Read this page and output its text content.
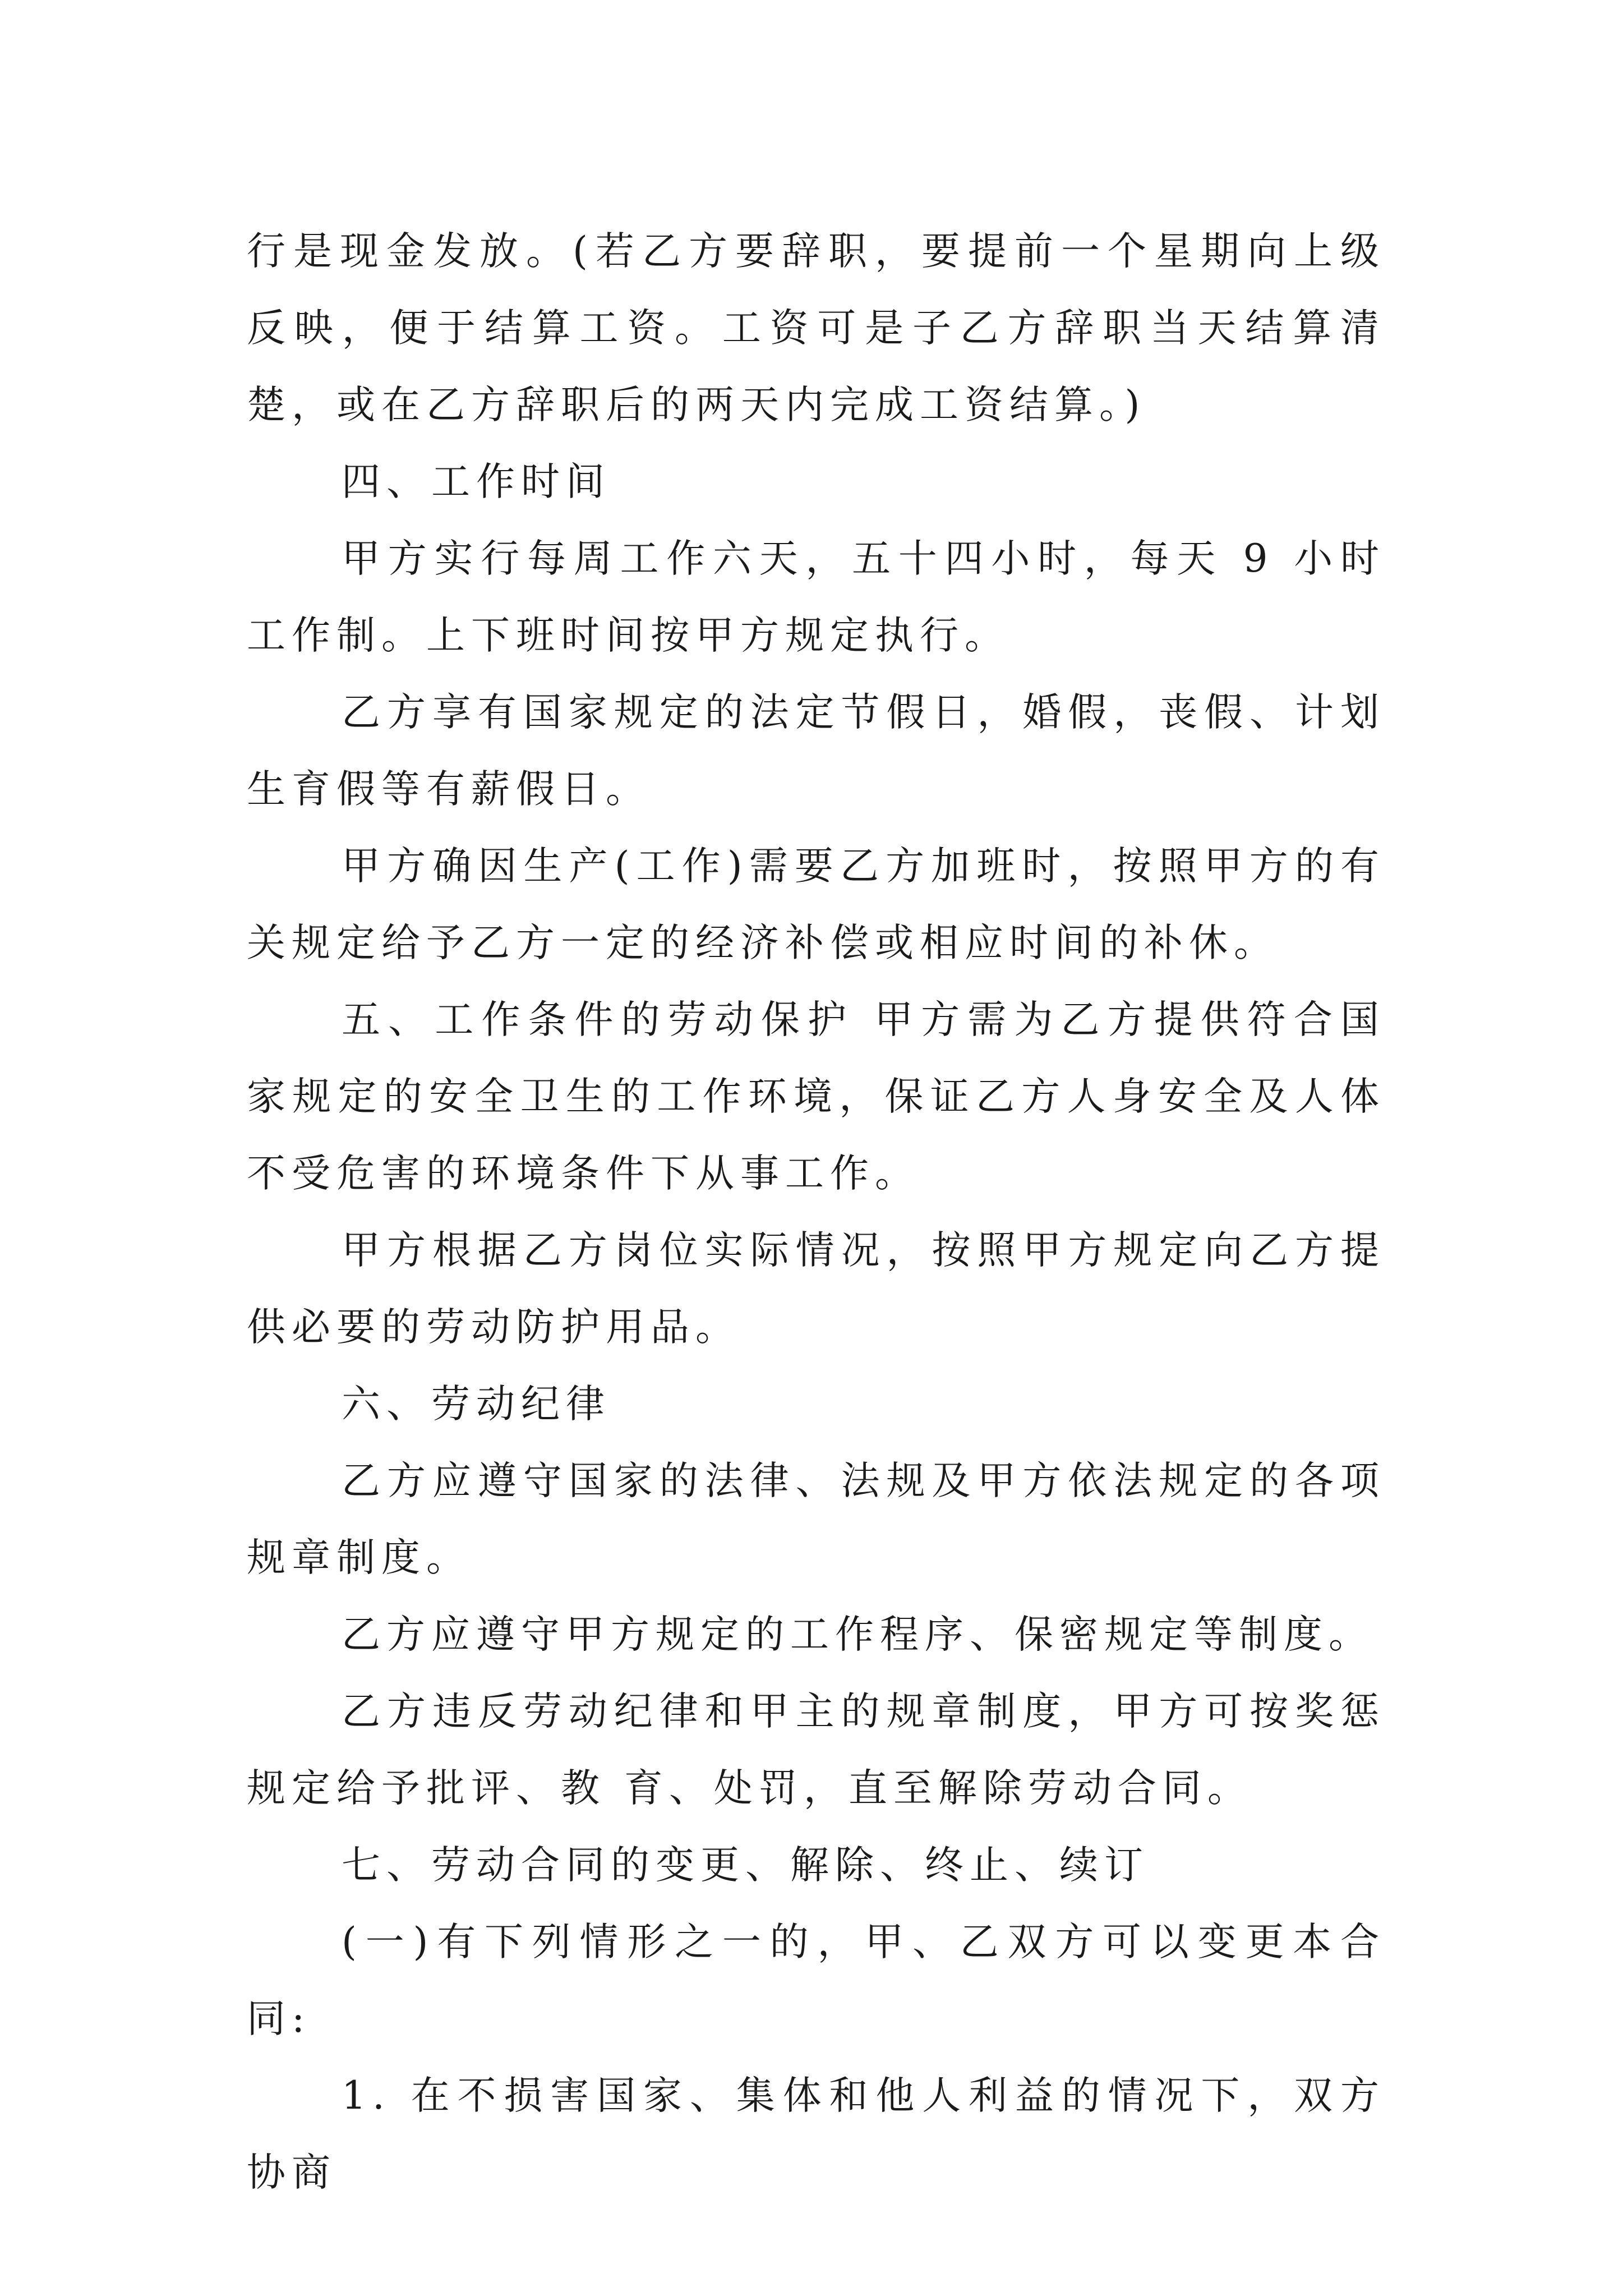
行是现金发放。(若乙方要辞职，要提前一个星期向上级反映，便于结算工资。工资可是子乙方辞职当天结算清楚，或在乙方辞职后的两天内完成工资结算。)

四、工作时间

甲方实行每周工作六天，五十四小时，每天 9 小时工作制。上下班时间按甲方规定执行。

乙方享有国家规定的法定节假日，婚假，丧假、计划生育假等有薪假日。

甲方确因生产(工作)需要乙方加班时，按照甲方的有关规定给予乙方一定的经济补偿或相应时间的补休。

五、工作条件的劳动保护 甲方需为乙方提供符合国家规定的安全卫生的工作环境，保证乙方人身安全及人体不受危害的环境条件下从事工作。

甲方根据乙方岗位实际情况，按照甲方规定向乙方提供必要的劳动防护用品。

六、劳动纪律

乙方应遵守国家的法律、法规及甲方依法规定的各项规章制度。

乙方应遵守甲方规定的工作程序、保密规定等制度。

乙方违反劳动纪律和甲主的规章制度，甲方可按奖惩规定给予批评、教 育、处罚，直至解除劳动合同。

七、劳动合同的变更、解除、终止、续订

(一)有下列情形之一的，甲、乙双方可以变更本合同:

1. 在不损害国家、集体和他人利益的情况下，双方协商
